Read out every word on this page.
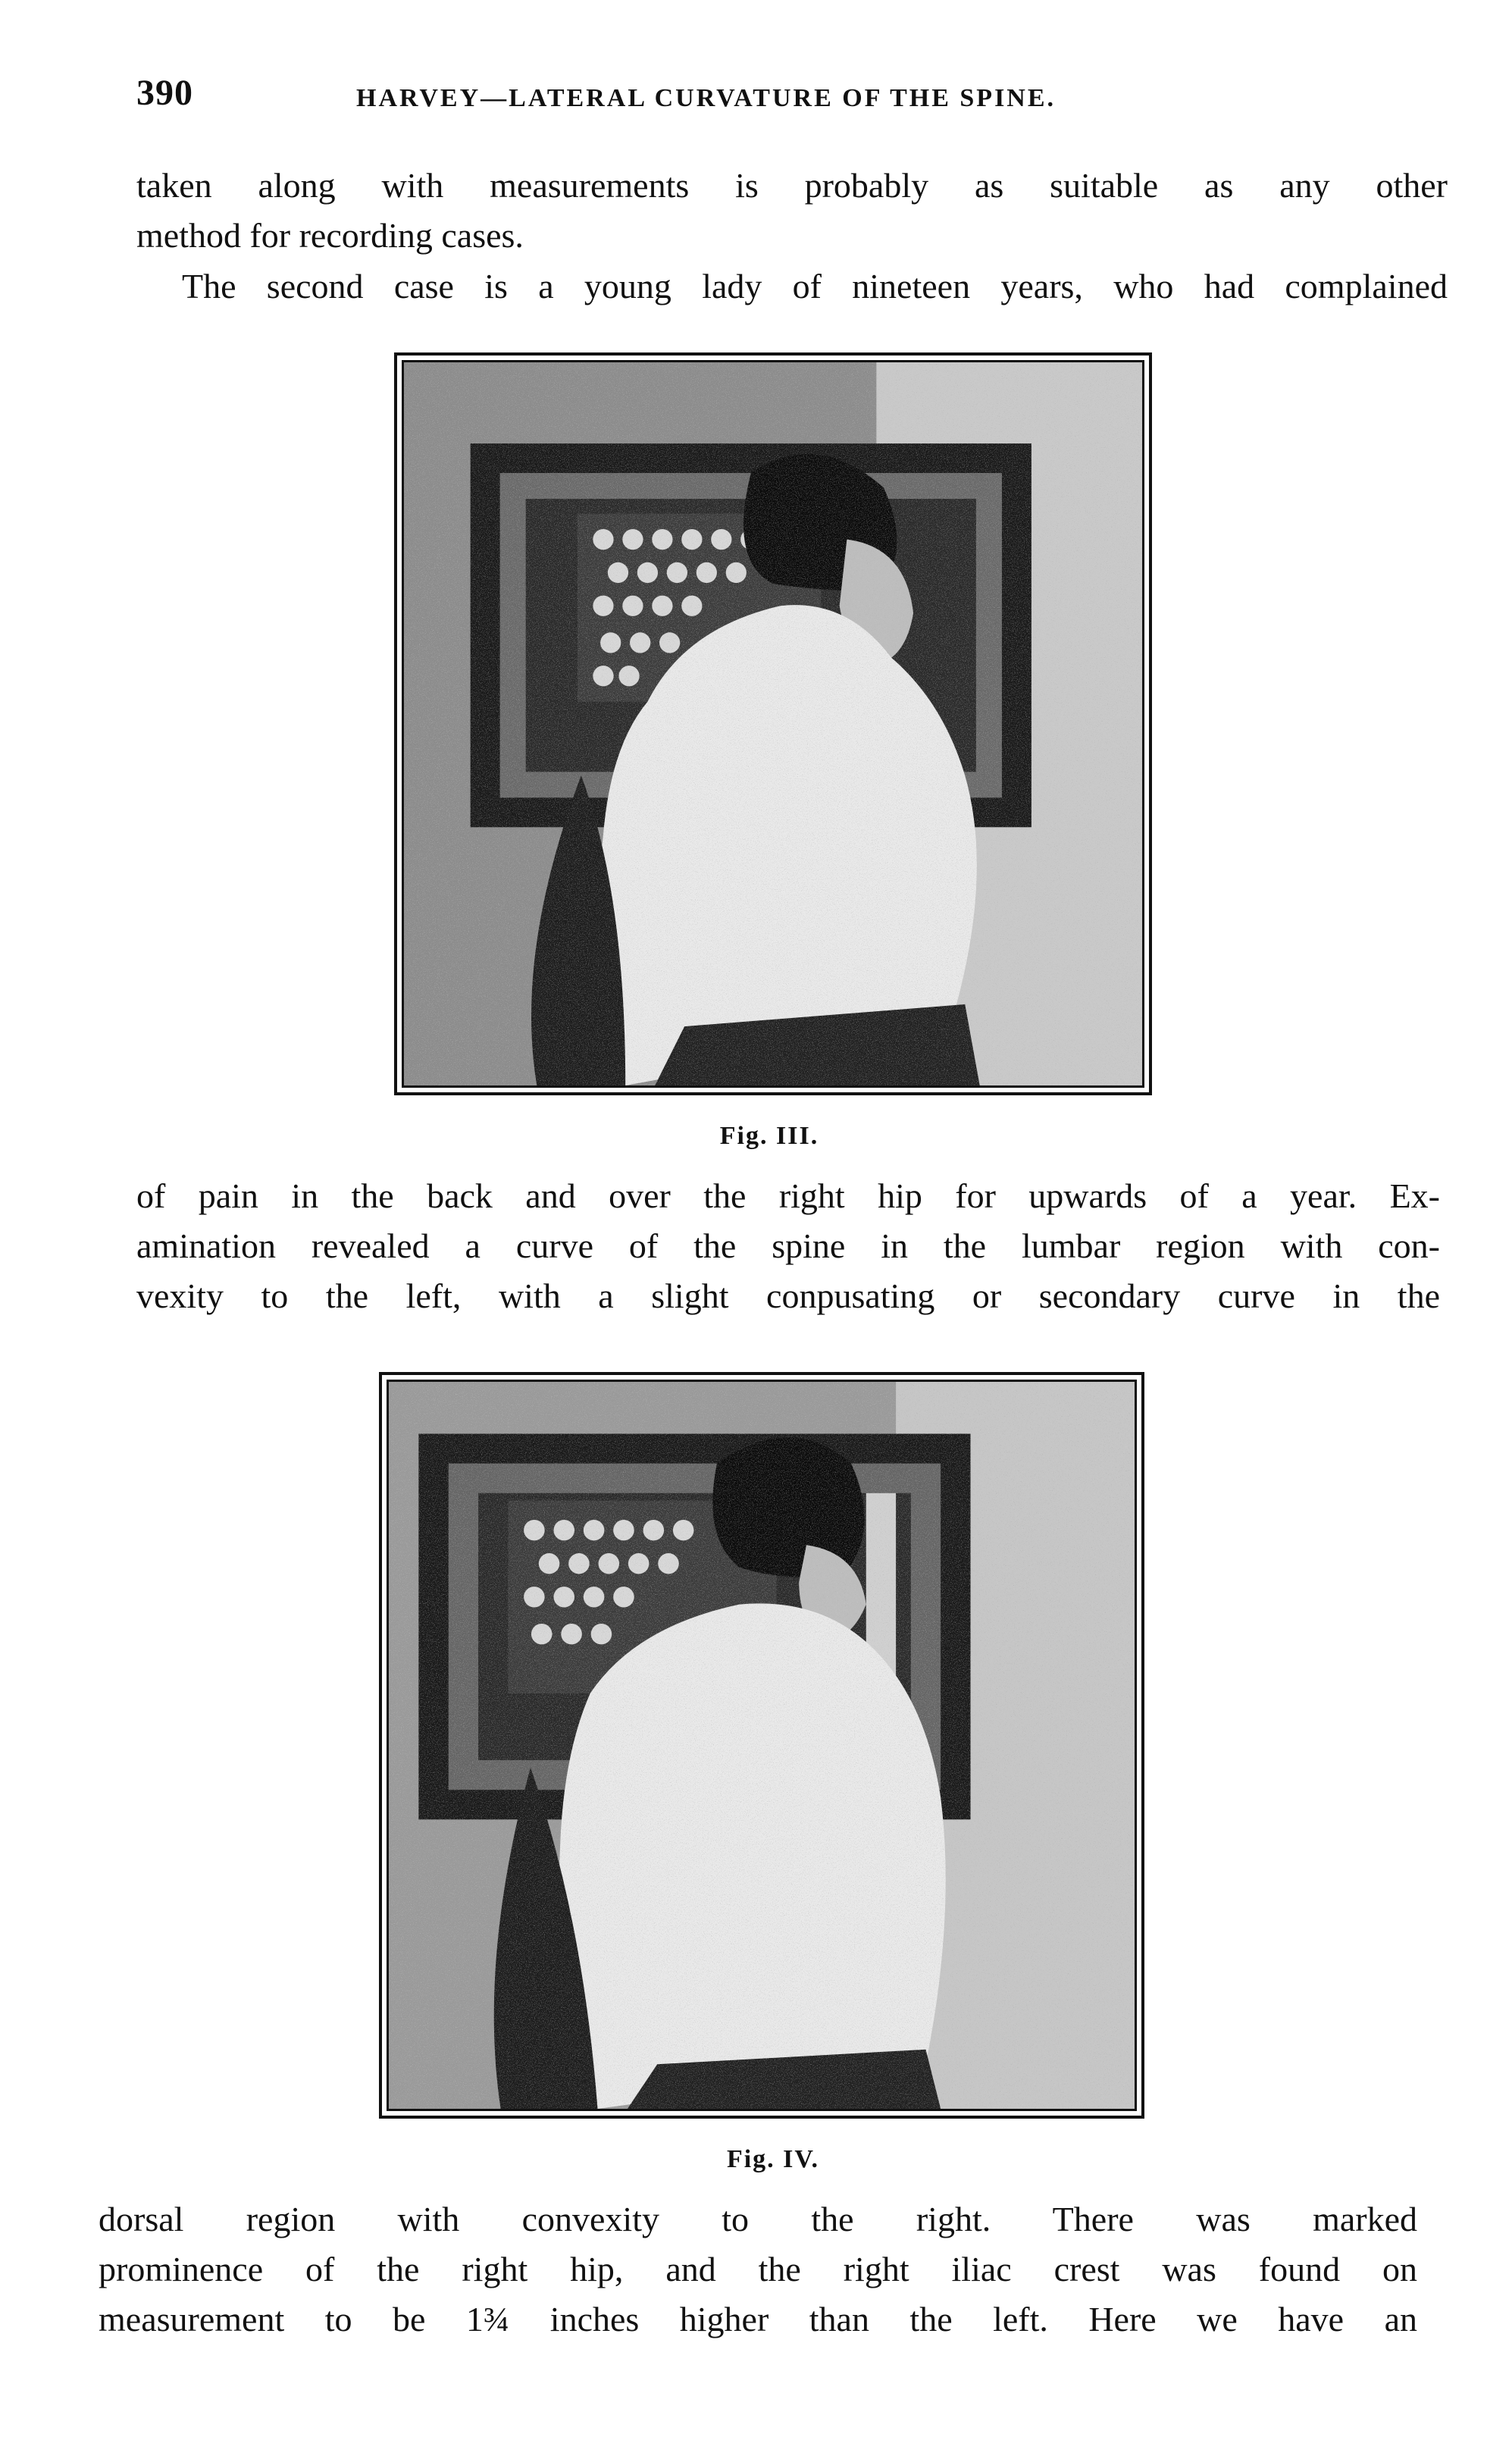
390	HARVEY—LATERAL CURVATURE OF THE SPINE.
taken along with measurements is probably as suitable as any other
method for recording cases.
The second case is a young lady of nineteen years, who had complained
Fig. III.
of pain in the back and over the right hip for upwards of a year. Ex-
amination revealed a curve of the spine in the lumbar region with con-
vexity to the left, with a slight conpusating or secondary curve in the
Fig. IV.
dorsal region with convexity to the right. There was marked
prominence of the right hip, and the right iliac crest was found on
measurement to be 1¾ inches higher than the left. Here we have an
